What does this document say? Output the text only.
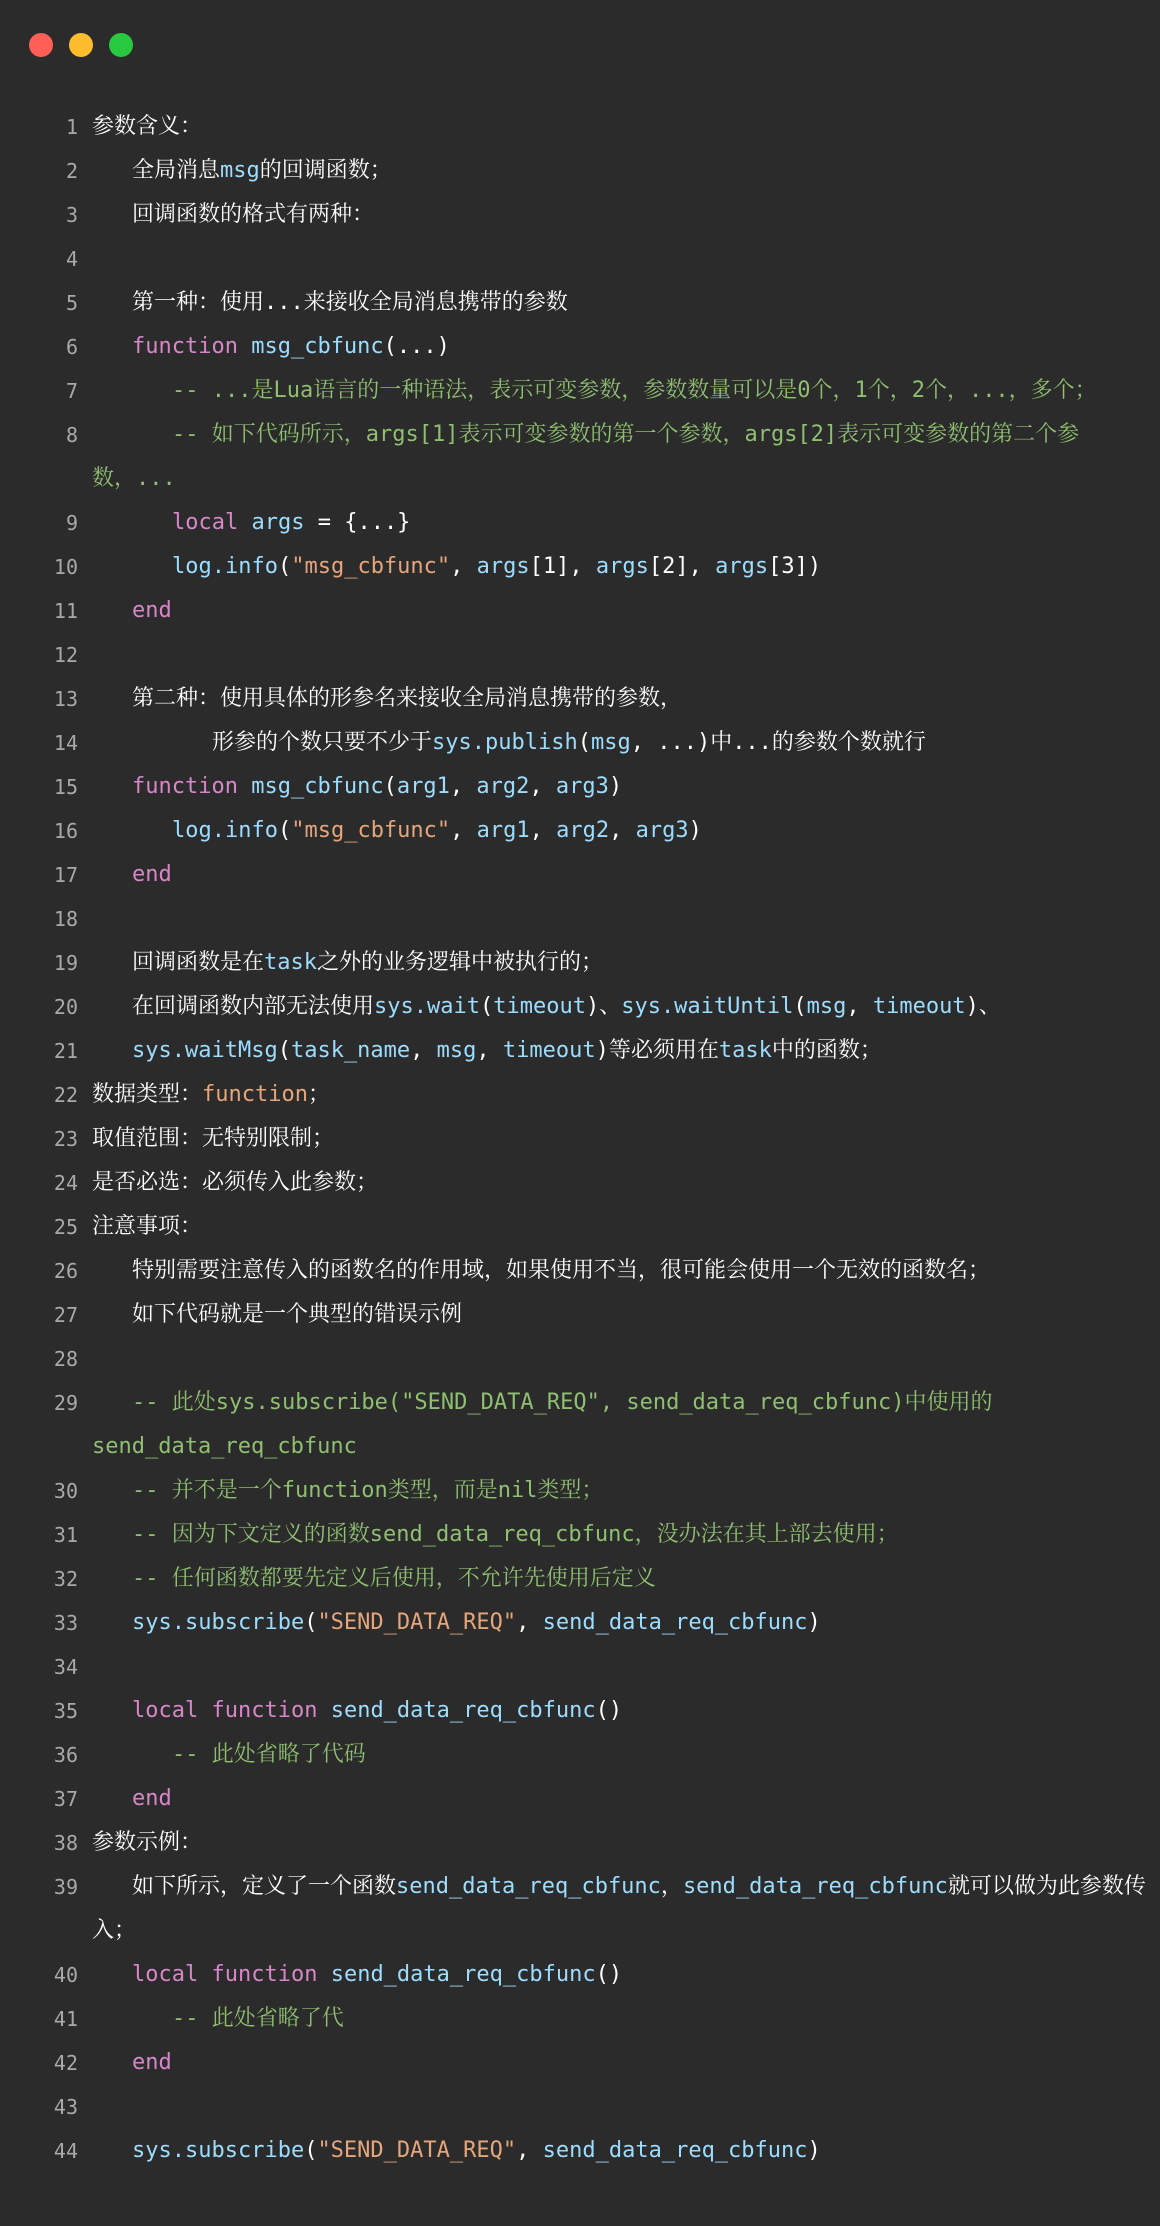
1 参数含义：
2	全局消息msg的回调函数；
3	回调函数的格式有两种：
4
5	第一种：使用...来接收全局消息携带的参数
6	function msg_cbfunc(...)
7	-- ...是Lua语言的一种语法，表示可变参数，参数数量可以是0个，1个，2个，...，多个；
8	-- 如下代码所示，args[1]表示可变参数的第一个参数，args[2]表示可变参数的第二个参数，...
9	local args = {...}
10	log.info("msg_cbfunc", args[1], args[2], args[3])
11	end
12
13	第二种：使用具体的形参名来接收全局消息携带的参数，
14	形参的个数只要不少于sys.publish(msg, ...)中...的参数个数就行
15	function msg_cbfunc(arg1, arg2, arg3)
16	log.info("msg_cbfunc", arg1, arg2, arg3)
17	end
18
19	回调函数是在task之外的业务逻辑中被执行的；
20	在回调函数内部无法使用sys.wait(timeout)、sys.waitUntil(msg, timeout)、
21	sys.waitMsg(task_name, msg, timeout)等必须用在task中的函数；
22 数据类型：function；
23 取值范围：无特别限制；
24 是否必选：必须传入此参数；
25 注意事项：
26	特别需要注意传入的函数名的作用域，如果使用不当，很可能会使用一个无效的函数名；
27	如下代码就是一个典型的错误示例
28
29	-- 此处sys.subscribe("SEND_DATA_REQ", send_data_req_cbfunc)中使用的
send_data_req_cbfunc
30	-- 并不是一个function类型，而是nil类型；
31	-- 因为下文定义的函数send_data_req_cbfunc，没办法在其上部去使用；
32	-- 任何函数都要先定义后使用，不允许先使用后定义
33	sys.subscribe("SEND_DATA_REQ", send_data_req_cbfunc)
34
35	local function send_data_req_cbfunc()
36	-- 此处省略了代码
37	end
38 参数示例：
39	如下所示，定义了一个函数send_data_req_cbfunc，send_data_req_cbfunc就可以做为此参数传入；
40	local function send_data_req_cbfunc()
41	-- 此处省略了代
42	end
43
44	sys.subscribe("SEND_DATA_REQ", send_data_req_cbfunc)
